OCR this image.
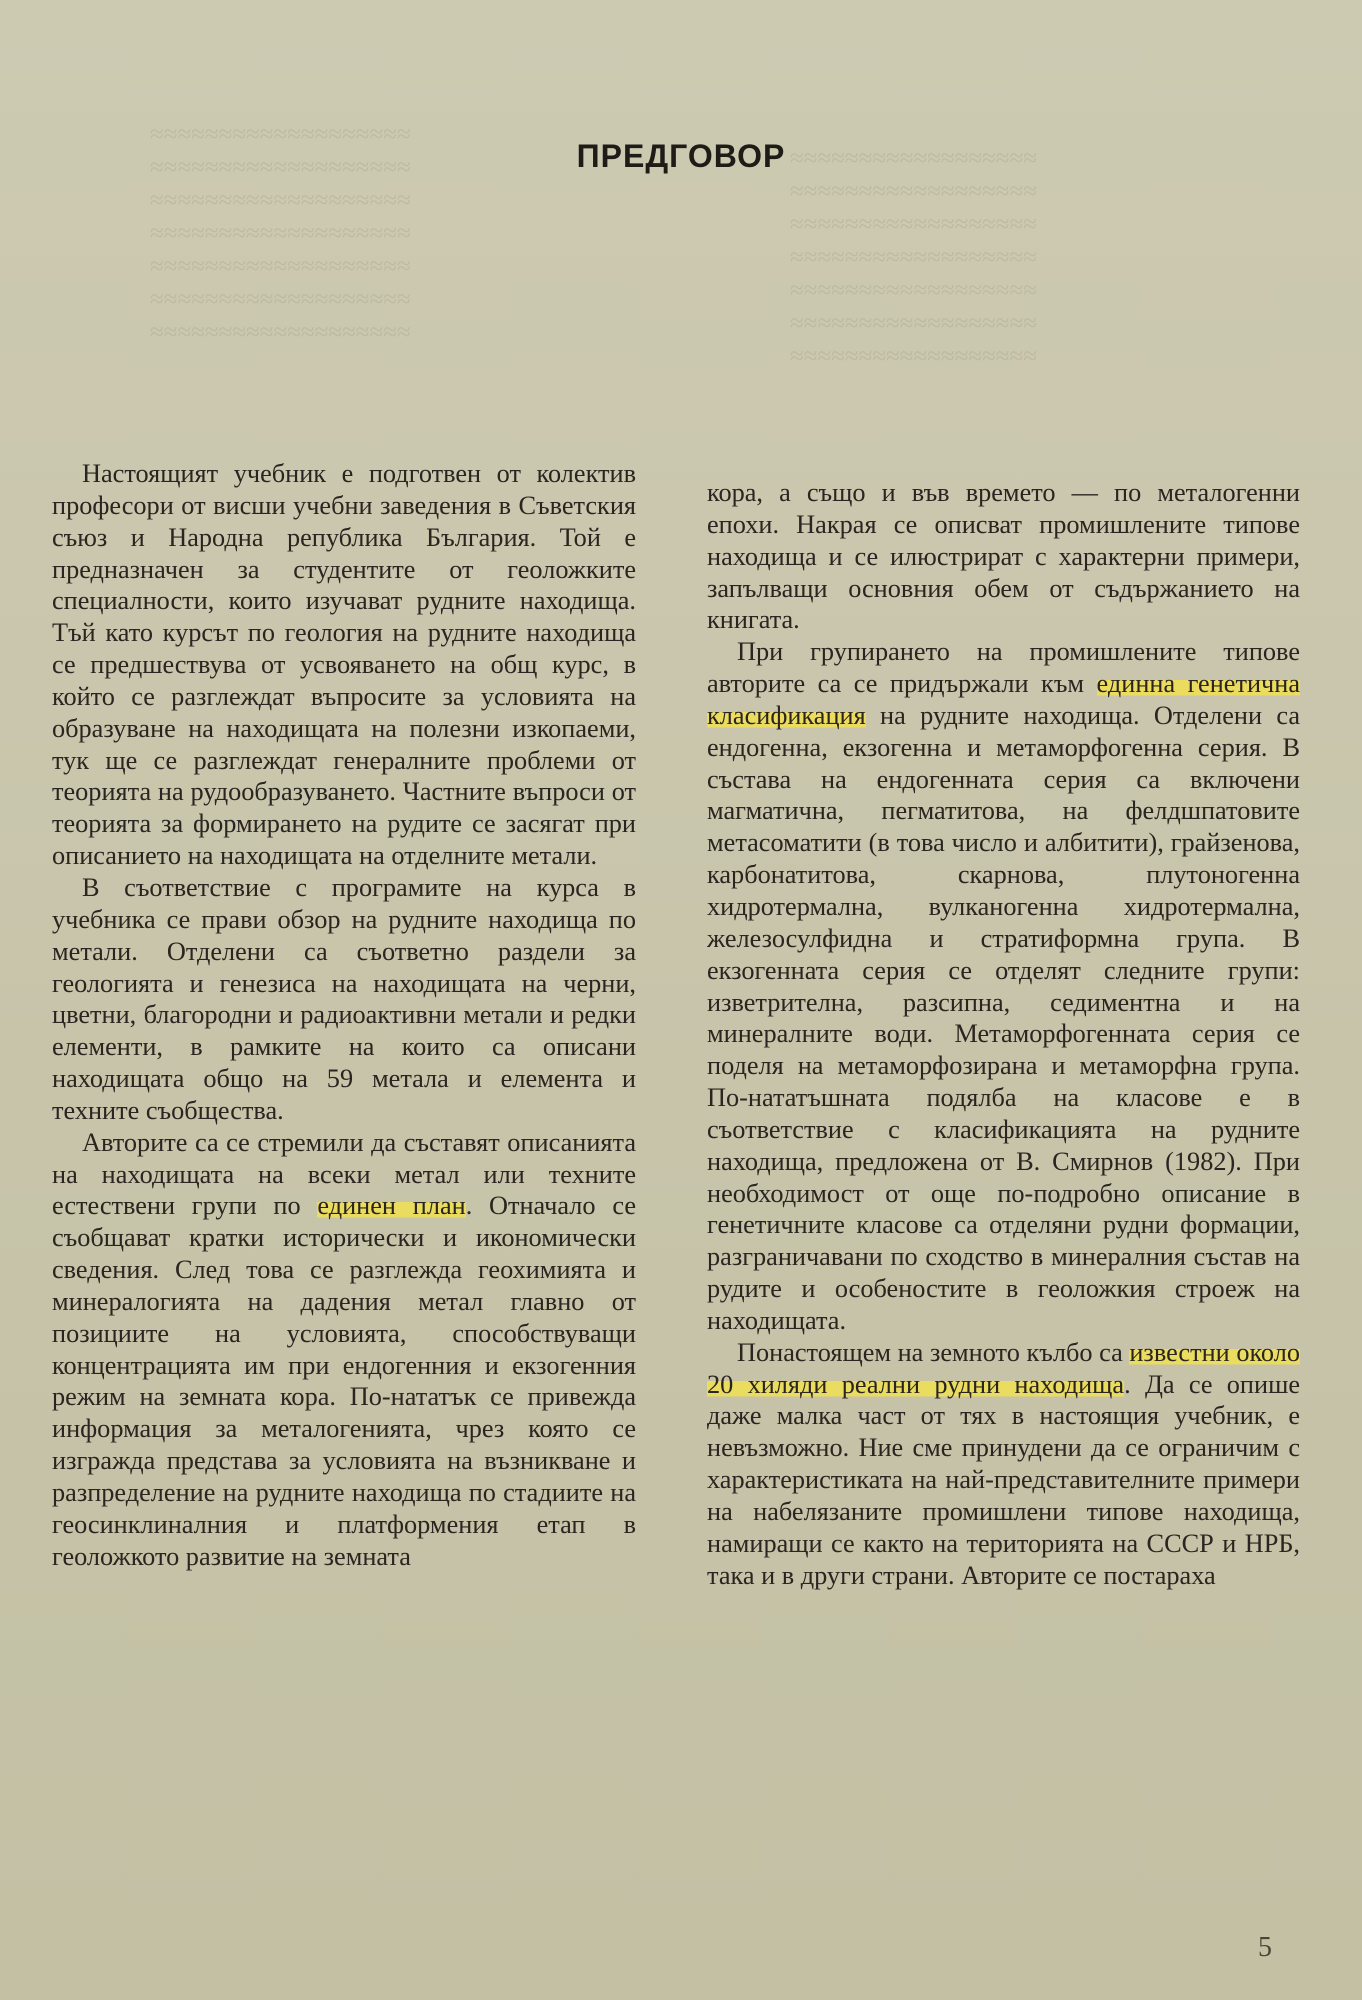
≈≈≈≈≈≈≈≈≈≈≈≈≈≈≈≈≈≈≈
≈≈≈≈≈≈≈≈≈≈≈≈≈≈≈≈≈≈≈
≈≈≈≈≈≈≈≈≈≈≈≈≈≈≈≈≈≈≈
≈≈≈≈≈≈≈≈≈≈≈≈≈≈≈≈≈≈≈
≈≈≈≈≈≈≈≈≈≈≈≈≈≈≈≈≈≈≈
≈≈≈≈≈≈≈≈≈≈≈≈≈≈≈≈≈≈≈
≈≈≈≈≈≈≈≈≈≈≈≈≈≈≈≈≈≈≈
≈≈≈≈≈≈≈≈≈≈≈≈≈≈≈≈≈≈
≈≈≈≈≈≈≈≈≈≈≈≈≈≈≈≈≈≈
≈≈≈≈≈≈≈≈≈≈≈≈≈≈≈≈≈≈
≈≈≈≈≈≈≈≈≈≈≈≈≈≈≈≈≈≈
≈≈≈≈≈≈≈≈≈≈≈≈≈≈≈≈≈≈
≈≈≈≈≈≈≈≈≈≈≈≈≈≈≈≈≈≈
≈≈≈≈≈≈≈≈≈≈≈≈≈≈≈≈≈≈
ПРЕДГОВОР

Настоящият учебник е подготвен от колектив професори от висши учебни заведения в Съветския съюз и Народна република България. Той е предназначен за студентите от геоложките специалности, които изучават рудните находища. Тъй като курсът по геология на рудните находища се предшествува от усвояването на общ курс, в който се разглеждат въпросите за условията на образуване на находищата на полезни изкопаеми, тук ще се разглеждат генералните проблеми от теорията на рудообразуването. Частните въпроси от теорията за формирането на рудите се засягат при описанието на находищата на отделните метали.

В съответствие с програмите на курса в учебника се прави обзор на рудните находища по метали. Отделени са съответно раздели за геологията и генезиса на находищата на черни, цветни, благородни и радиоактивни метали и редки елементи, в рамките на които са описани находищата общо на 59 метала и елемента и техните съобщества.

Авторите са се стремили да съставят описанията на находищата на всеки метал или техните естествени групи по единен план. Отначало се съобщават кратки исторически и икономически сведения. След това се разглежда геохимията и минералогията на дадения метал главно от позициите на условията, способствуващи концентрацията им при ендогенния и екзогенния режим на земната кора. По-нататък се привежда информация за металогенията, чрез която се изгражда представа за условията на възникване и разпределение на рудните находища по стадиите на геосинклиналния и платформения етап в геоложкото развитие на земната

кора, а също и във времето — по металогенни епохи. Накрая се описват промишлените типове находища и се илюстрират с характерни примери, запълващи основния обем от съдържанието на книгата.

При групирането на промишлените типове авторите са се придържали към единна генетична класификация на рудните находища. Отделени са ендогенна, екзогенна и метаморфогенна серия. В състава на ендогенната серия са включени магматична, пегматитова, на фелдшпатовите метасоматити (в това число и албитити), грайзенова, карбонатитова, скарнова, плутоногенна хидротермална, вулканогенна хидротермална, железосулфидна и стратиформна група. В екзогенната серия се отделят следните групи: изветрителна, разсипна, седиментна и на минералните води. Метаморфогенната серия се поделя на метаморфозирана и метаморфна група. По-нататъшната подялба на класове е в съответствие с класификацията на рудните находища, предложена от В. Смирнов (1982). При необходимост от още по-подробно описание в генетичните класове са отделяни рудни формации, разграничавани по сходство в минералния състав на рудите и особеностите в геоложкия строеж на находищата.

Понастоящем на земното кълбо са известни около 20 хиляди реални рудни находища. Да се опише даже малка част от тях в настоящия учебник, е невъзможно. Ние сме принудени да се ограничим с характеристиката на най-представителните примери на набелязаните промишлени типове находища, намиращи се както на територията на СССР и НРБ, така и в други страни. Авторите се постараха

5
